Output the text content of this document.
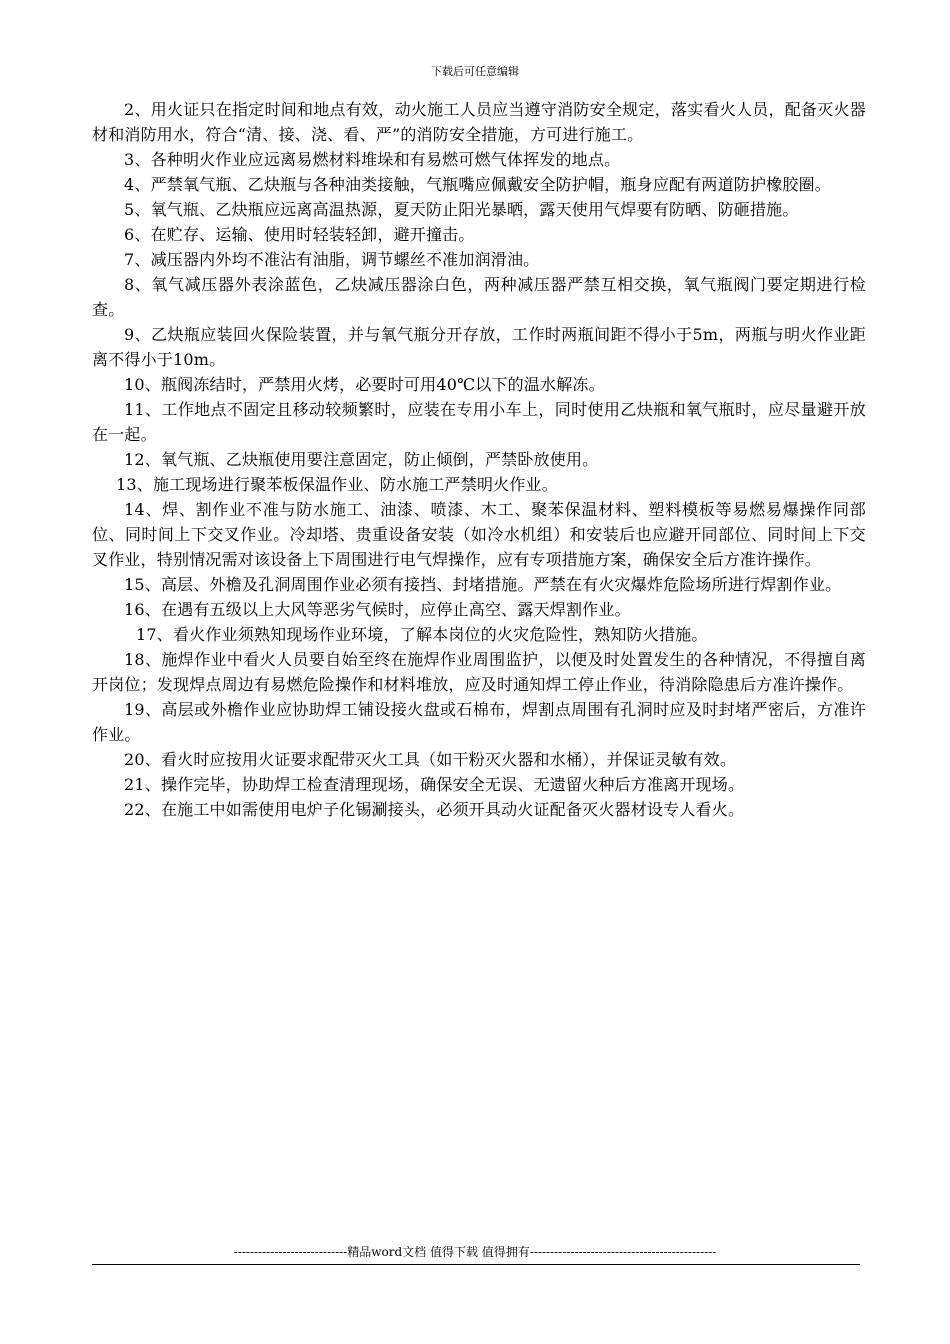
下载后可任意编辑

2、用火证只在指定时间和地点有效，动火施工人员应当遵守消防安全规定，落实看火人员，配备灭火器材和消防用水，符合“清、接、浇、看、严”的消防安全措施，方可进行施工。

3、各种明火作业应远离易燃材料堆垛和有易燃可燃气体挥发的地点。

4、严禁氧气瓶、乙炔瓶与各种油类接触，气瓶嘴应佩戴安全防护帽，瓶身应配有两道防护橡胶圈。

5、氧气瓶、乙炔瓶应远离高温热源，夏天防止阳光暴晒，露天使用气焊要有防晒、防砸措施。

6、在贮存、运输、使用时轻装轻卸，避开撞击。

7、减压器内外均不准沾有油脂，调节螺丝不准加润滑油。

8、氧气减压器外表涂蓝色，乙炔减压器涂白色，两种减压器严禁互相交换，氧气瓶阀门要定期进行检查。

9、乙炔瓶应装回火保险装置，并与氧气瓶分开存放，工作时两瓶间距不得小于5m，两瓶与明火作业距离不得小于10m。

10、瓶阀冻结时，严禁用火烤，必要时可用40℃以下的温水解冻。

11、工作地点不固定且移动较频繁时，应装在专用小车上，同时使用乙炔瓶和氧气瓶时，应尽量避开放在一起。

12、氧气瓶、乙炔瓶使用要注意固定，防止倾倒，严禁卧放使用。

13、施工现场进行聚苯板保温作业、防水施工严禁明火作业。

14、焊、割作业不准与防水施工、油漆、喷漆、木工、聚苯保温材料、塑料模板等易燃易爆操作同部位、同时间上下交叉作业。冷却塔、贵重设备安装（如冷水机组）和安装后也应避开同部位、同时间上下交叉作业，特别情况需对该设备上下周围进行电气焊操作，应有专项措施方案，确保安全后方准许操作。

15、高层、外檐及孔洞周围作业必须有接挡、封堵措施。严禁在有火灾爆炸危险场所进行焊割作业。

16、在遇有五级以上大风等恶劣气候时，应停止高空、露天焊割作业。

17、看火作业须熟知现场作业环境，了解本岗位的火灾危险性，熟知防火措施。

18、施焊作业中看火人员要自始至终在施焊作业周围监护，以便及时处置发生的各种情况，不得擅自离开岗位；发现焊点周边有易燃危险操作和材料堆放，应及时通知焊工停止作业，待消除隐患后方准许操作。

19、高层或外檐作业应协助焊工铺设接火盘或石棉布，焊割点周围有孔洞时应及时封堵严密后，方准许作业。

20、看火时应按用火证要求配带灭火工具（如干粉灭火器和水桶），并保证灵敏有效。

21、操作完毕，协助焊工检查清理现场，确保安全无误、无遗留火种后方准离开现场。

22、在施工中如需使用电炉子化锡涮接头，必须开具动火证配备灭火器材设专人看火。

----------------------------精品word文档 值得下载 值得拥有----------------------------------------------
